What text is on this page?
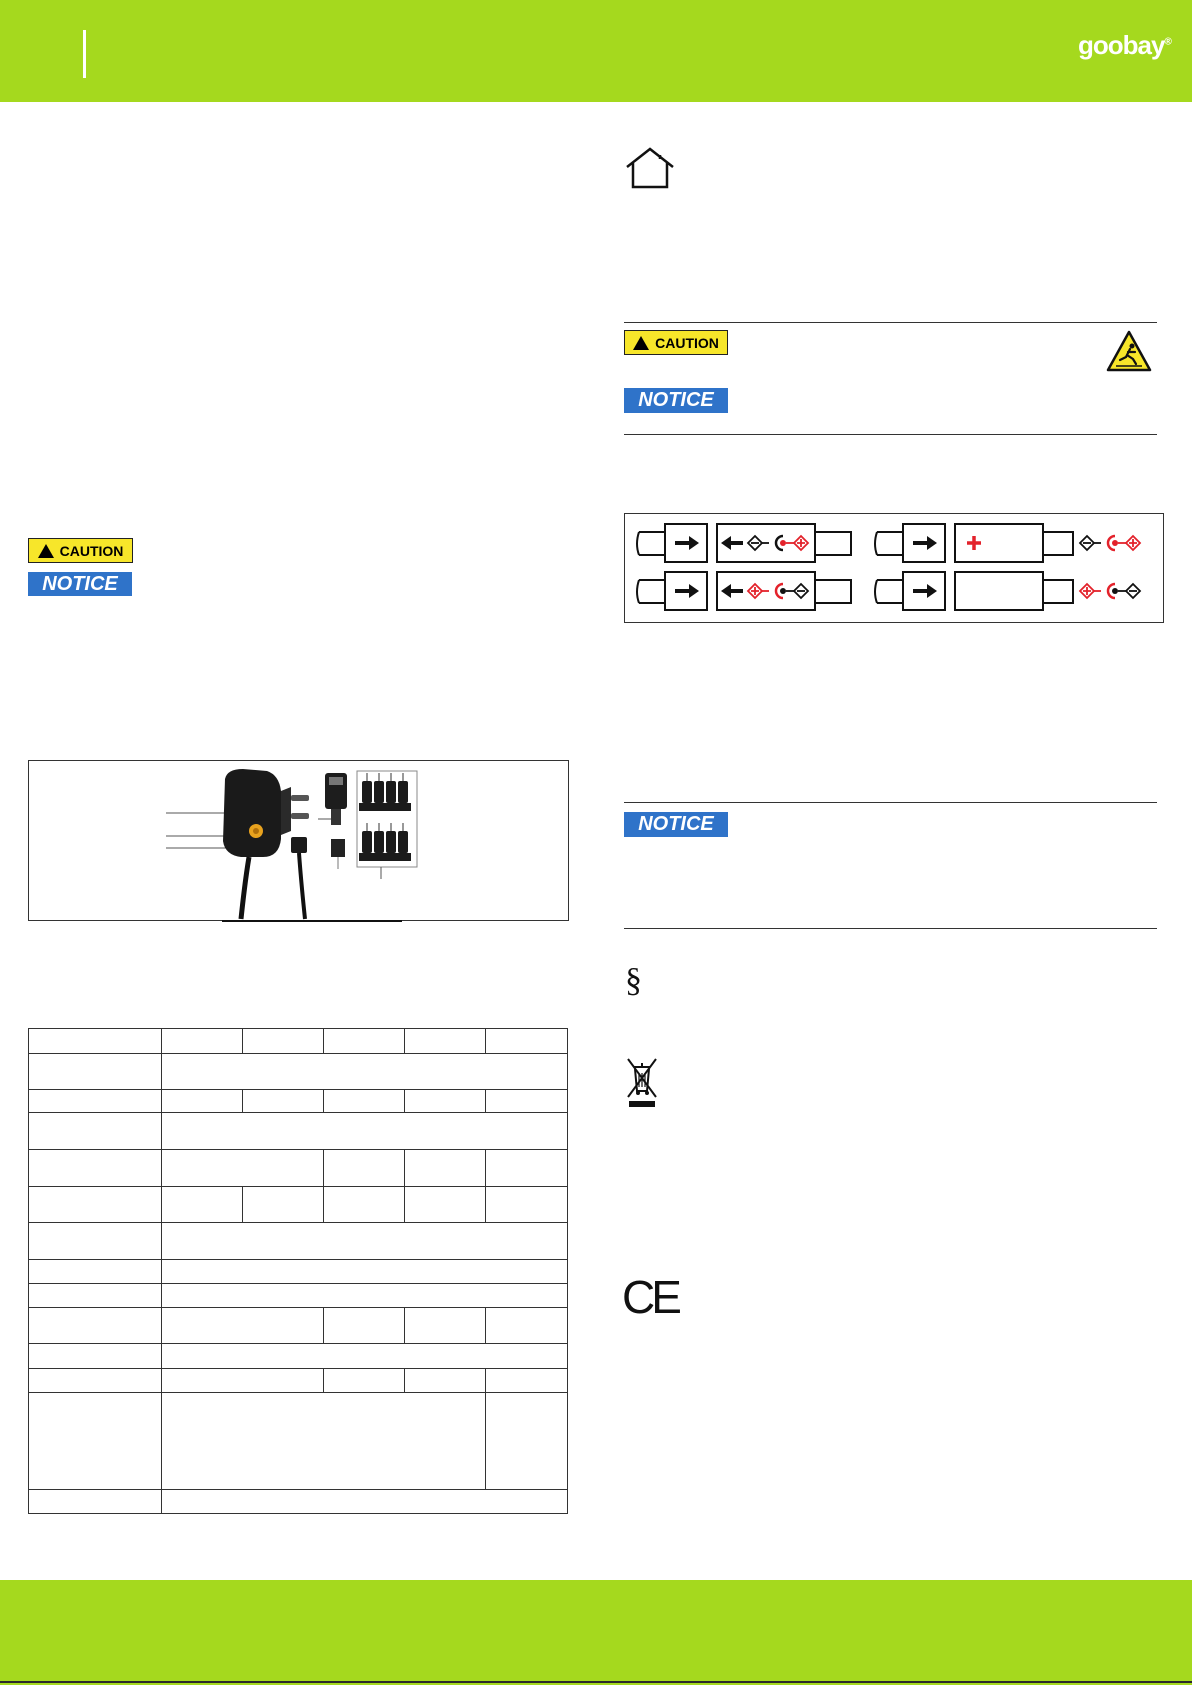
goobay®
CAUTION
NOTICE

CAUTION
NOTICE
NOTICE
§
CE
